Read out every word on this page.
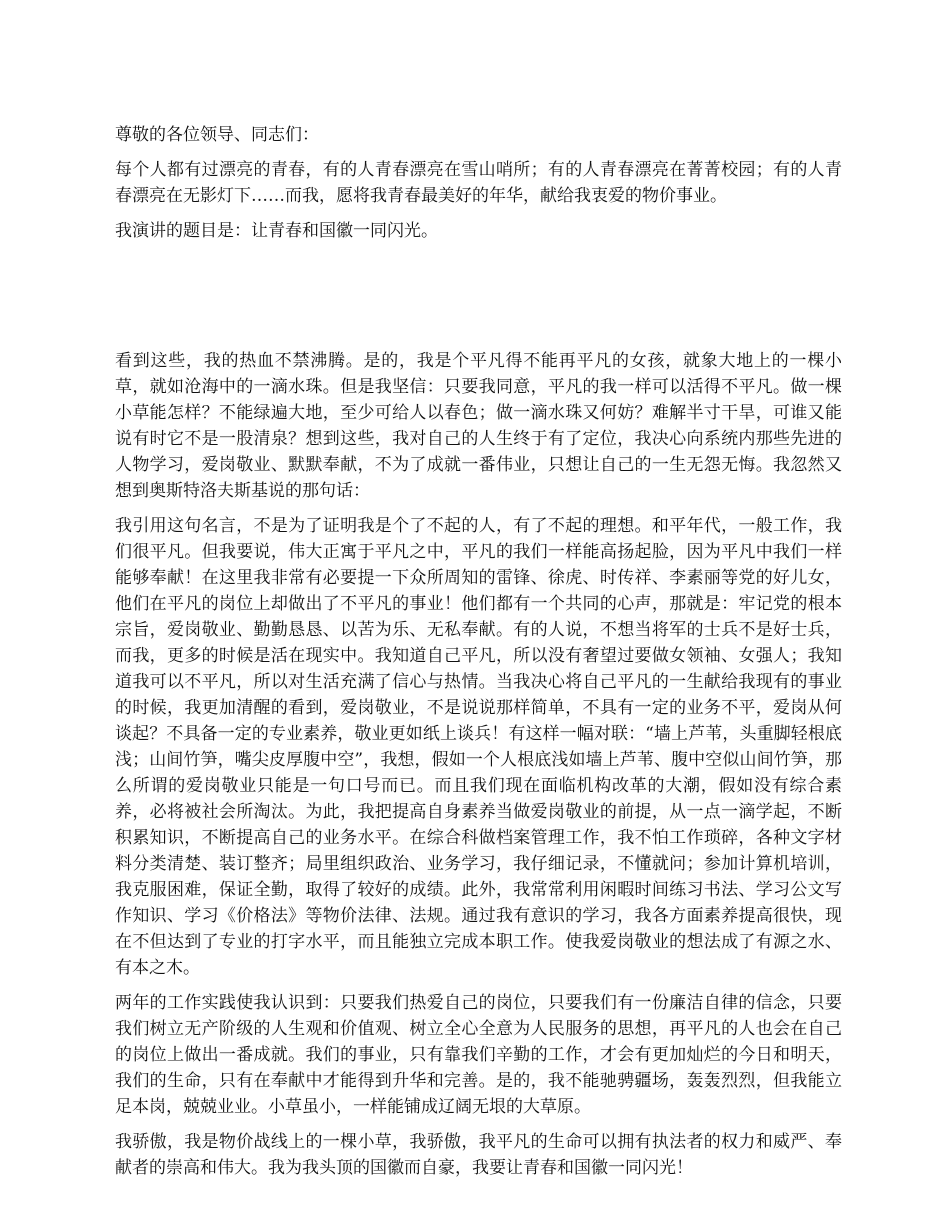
尊敬的各位领导、同志们：

每个人都有过漂亮的青春，有的人青春漂亮在雪山哨所；有的人青春漂亮在菁菁校园；有的人青春漂亮在无影灯下……而我，愿将我青春最美好的年华，献给我衷爱的物价事业。

我演讲的题目是：让青春和国徽一同闪光。

看到这些，我的热血不禁沸腾。是的，我是个平凡得不能再平凡的女孩，就象大地上的一棵小草，就如沧海中的一滴水珠。但是我坚信：只要我同意，平凡的我一样可以活得不平凡。做一棵小草能怎样？不能绿遍大地，至少可给人以春色；做一滴水珠又何妨？难解半寸干旱，可谁又能说有时它不是一股清泉？想到这些，我对自己的人生终于有了定位，我决心向系统内那些先进的人物学习，爱岗敬业、默默奉献，不为了成就一番伟业，只想让自己的一生无怨无悔。我忽然又想到奥斯特洛夫斯基说的那句话：

我引用这句名言，不是为了证明我是个了不起的人，有了不起的理想。和平年代，一般工作，我们很平凡。但我要说，伟大正寓于平凡之中，平凡的我们一样能高扬起脸，因为平凡中我们一样能够奉献！在这里我非常有必要提一下众所周知的雷锋、徐虎、时传祥、李素丽等党的好儿女，他们在平凡的岗位上却做出了不平凡的事业！他们都有一个共同的心声，那就是：牢记党的根本宗旨，爱岗敬业、勤勤恳恳、以苦为乐、无私奉献。有的人说，不想当将军的士兵不是好士兵，而我，更多的时候是活在现实中。我知道自己平凡，所以没有奢望过要做女领袖、女强人；我知道我可以不平凡，所以对生活充满了信心与热情。当我决心将自己平凡的一生献给我现有的事业的时候，我更加清醒的看到，爱岗敬业，不是说说那样简单，不具有一定的业务不平，爱岗从何谈起？不具备一定的专业素养，敬业更如纸上谈兵！有这样一幅对联：“墙上芦苇，头重脚轻根底浅；山间竹笋，嘴尖皮厚腹中空”，我想，假如一个人根底浅如墙上芦苇、腹中空似山间竹笋，那么所谓的爱岗敬业只能是一句口号而已。而且我们现在面临机构改革的大潮，假如没有综合素养，必将被社会所淘汰。为此，我把提高自身素养当做爱岗敬业的前提，从一点一滴学起，不断积累知识，不断提高自己的业务水平。在综合科做档案管理工作，我不怕工作琐碎，各种文字材料分类清楚、装订整齐；局里组织政治、业务学习，我仔细记录，不懂就问；参加计算机培训，我克服困难，保证全勤，取得了较好的成绩。此外，我常常利用闲暇时间练习书法、学习公文写作知识、学习《价格法》等物价法律、法规。通过我有意识的学习，我各方面素养提高很快，现在不但达到了专业的打字水平，而且能独立完成本职工作。使我爱岗敬业的想法成了有源之水、有本之木。

两年的工作实践使我认识到：只要我们热爱自己的岗位，只要我们有一份廉洁自律的信念，只要我们树立无产阶级的人生观和价值观、树立全心全意为人民服务的思想，再平凡的人也会在自己的岗位上做出一番成就。我们的事业，只有靠我们辛勤的工作，才会有更加灿烂的今日和明天，我们的生命，只有在奉献中才能得到升华和完善。是的，我不能驰骋疆场，轰轰烈烈，但我能立足本岗，兢兢业业。小草虽小，一样能铺成辽阔无垠的大草原。

我骄傲，我是物价战线上的一棵小草，我骄傲，我平凡的生命可以拥有执法者的权力和威严、奉献者的崇高和伟大。我为我头顶的国徽而自豪，我要让青春和国徽一同闪光！
